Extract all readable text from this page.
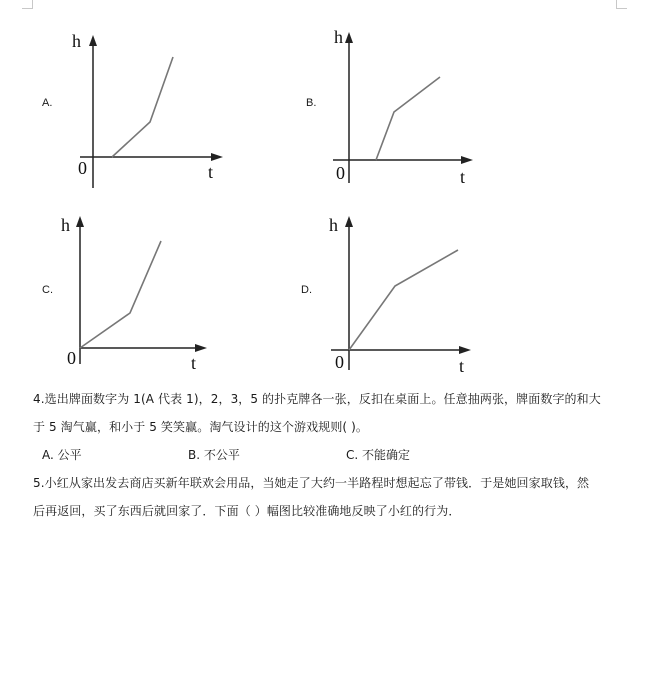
A.
h
t
0
B.
h
t
0
C.
h
t
0
D.
h
t
0
4.选出牌面数字为 1(A 代表 1)，2，3，5 的扑克牌各一张，反扣在桌面上。任意抽两张，牌面数字的和大
于 5 淘气赢，和小于 5 笑笑赢。淘气设计的这个游戏规则( )。
A. 公平	B. 不公平	C. 不能确定
5.小红从家出发去商店买新年联欢会用品，当她走了大约一半路程时想起忘了带钱．于是她回家取钱，然
后再返回，买了东西后就回家了．下面（ ）幅图比较准确地反映了小红的行为．
